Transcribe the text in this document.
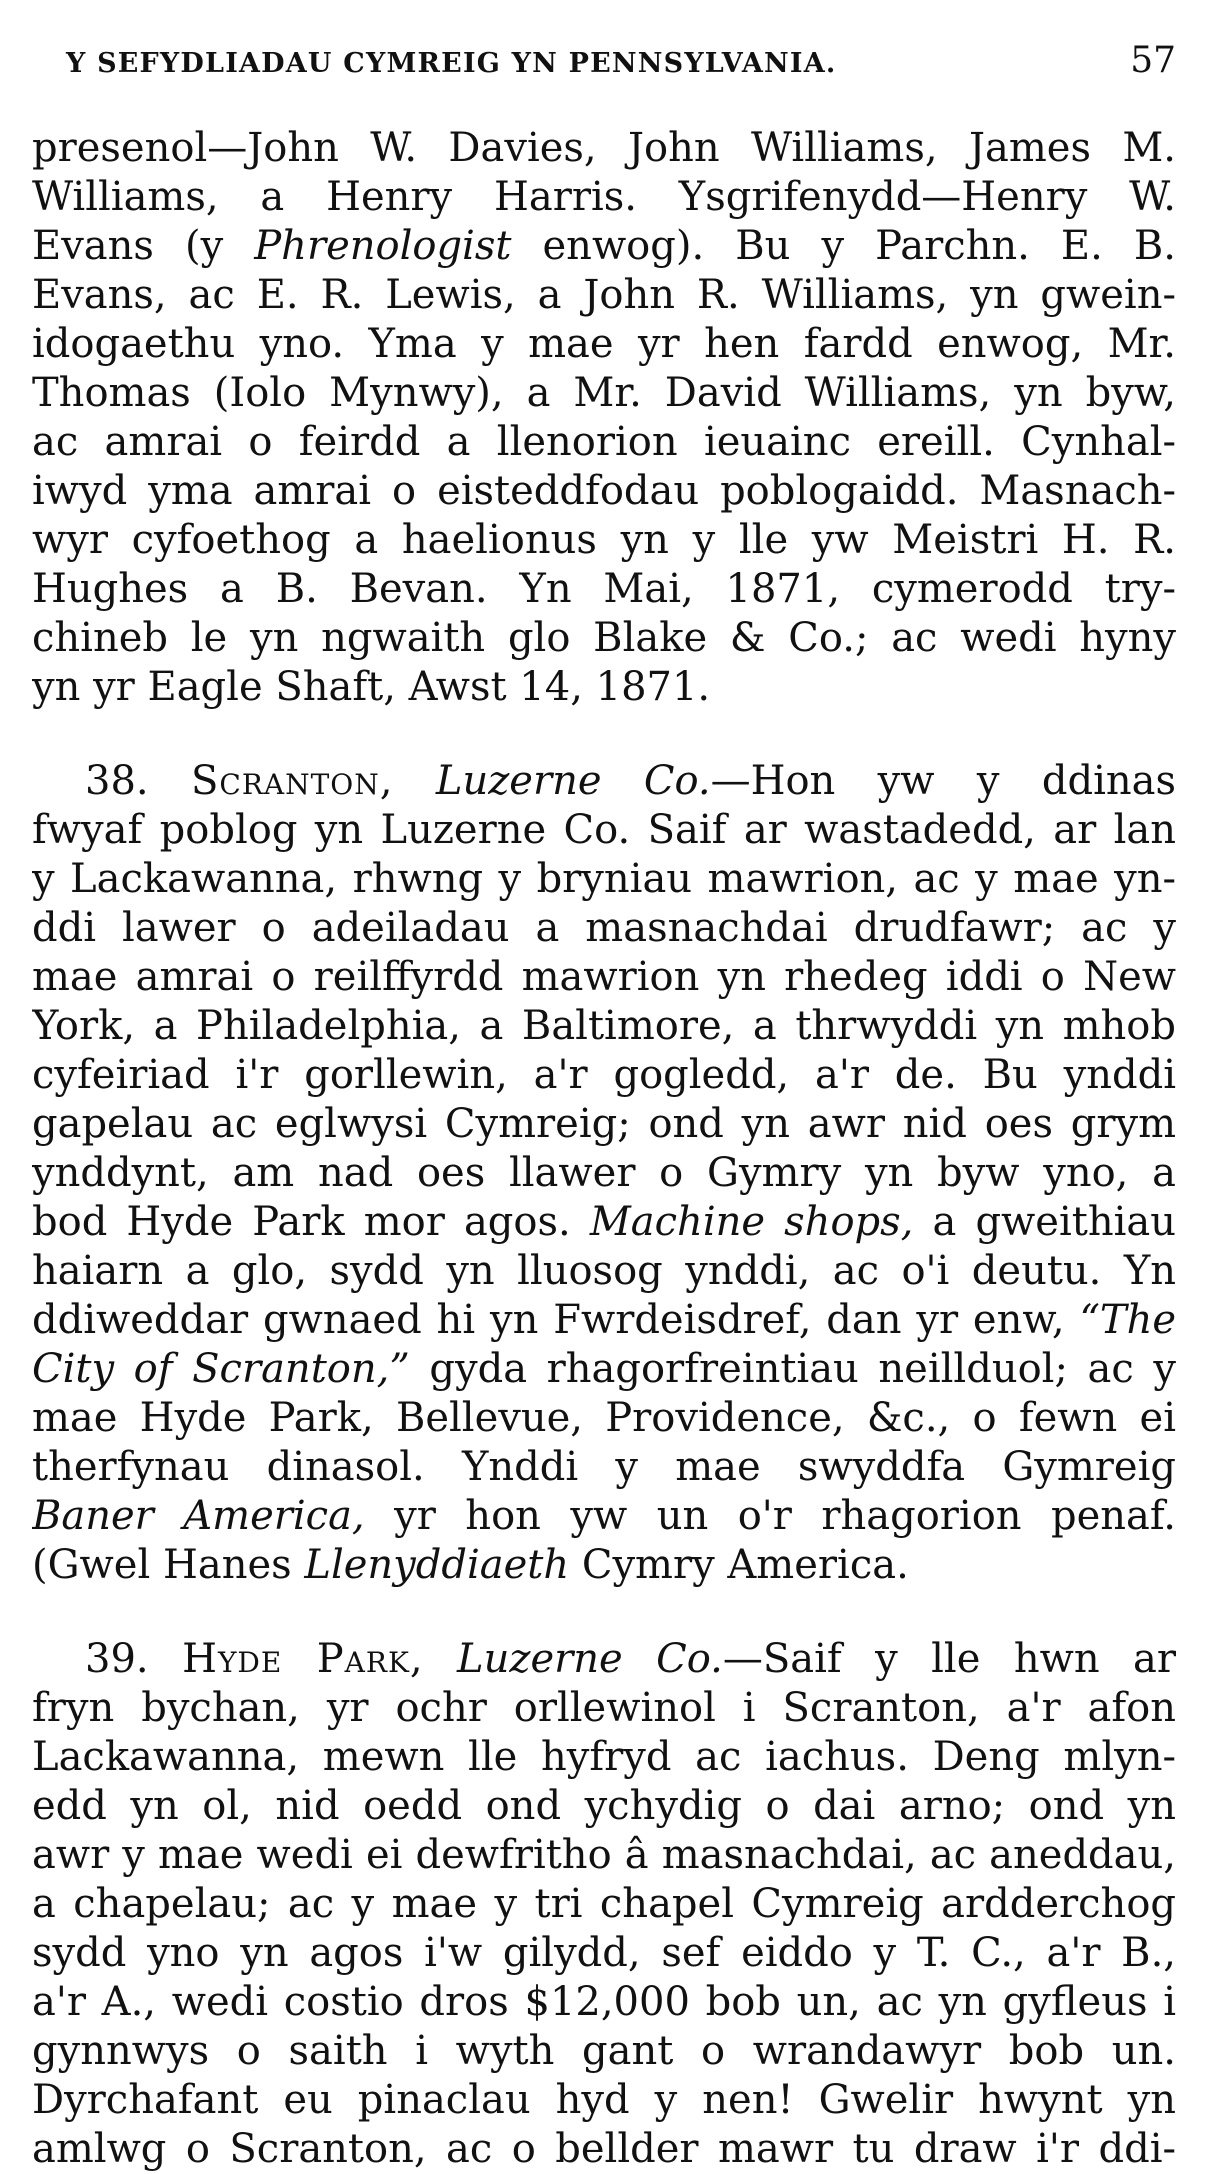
Y SEFYDLIADAU CYMREIG YN PENNSYLVANIA.	57
presenol—John W. Davies, John Williams, James M.
Williams, a Henry Harris. Ysgrifenydd—Henry W.
Evans (y Phrenologist enwog). Bu y Parchn. E. B.
Evans, ac E. R. Lewis, a John R. Williams, yn gwein-
idogaethu yno. Yma y mae yr hen fardd enwog, Mr.
Thomas (Iolo Mynwy), a Mr. David Williams, yn byw,
ac amrai o feirdd a llenorion ieuainc ereill. Cynhal-
iwyd yma amrai o eisteddfodau poblogaidd. Masnach-
wyr cyfoethog a haelionus yn y lle yw Meistri H. R.
Hughes a B. Bevan. Yn Mai, 1871, cymerodd try-
chineb le yn ngwaith glo Blake & Co.; ac wedi hyny
yn yr Eagle Shaft, Awst 14, 1871.
38. Scranton, Luzerne Co.—Hon yw y ddinas
fwyaf poblog yn Luzerne Co. Saif ar wastadedd, ar lan
y Lackawanna, rhwng y bryniau mawrion, ac y mae yn-
ddi lawer o adeiladau a masnachdai drudfawr; ac y
mae amrai o reilffyrdd mawrion yn rhedeg iddi o New
York, a Philadelphia, a Baltimore, a thrwyddi yn mhob
cyfeiriad i'r gorllewin, a'r gogledd, a'r de. Bu ynddi
gapelau ac eglwysi Cymreig; ond yn awr nid oes grym
ynddynt, am nad oes llawer o Gymry yn byw yno, a
bod Hyde Park mor agos. Machine shops, a gweithiau
haiarn a glo, sydd yn lluosog ynddi, ac o'i deutu. Yn
ddiweddar gwnaed hi yn Fwrdeisdref, dan yr enw, “The
City of Scranton,” gyda rhagorfreintiau neillduol; ac y
mae Hyde Park, Bellevue, Providence, &c., o fewn ei
therfynau dinasol. Ynddi y mae swyddfa Gymreig
Baner America, yr hon yw un o'r rhagorion penaf.
(Gwel Hanes Llenyddiaeth Cymry America.
39. Hyde Park, Luzerne Co.—Saif y lle hwn ar
fryn bychan, yr ochr orllewinol i Scranton, a'r afon
Lackawanna, mewn lle hyfryd ac iachus. Deng mlyn-
edd yn ol, nid oedd ond ychydig o dai arno; ond yn
awr y mae wedi ei dewfritho â masnachdai, ac aneddau,
a chapelau; ac y mae y tri chapel Cymreig ardderchog
sydd yno yn agos i'w gilydd, sef eiddo y T. C., a'r B.,
a'r A., wedi costio dros $12,000 bob un, ac yn gyfleus i
gynnwys o saith i wyth gant o wrandawyr bob un.
Dyrchafant eu pinaclau hyd y nen! Gwelir hwynt yn
amlwg o Scranton, ac o bellder mawr tu draw i'r ddi-
